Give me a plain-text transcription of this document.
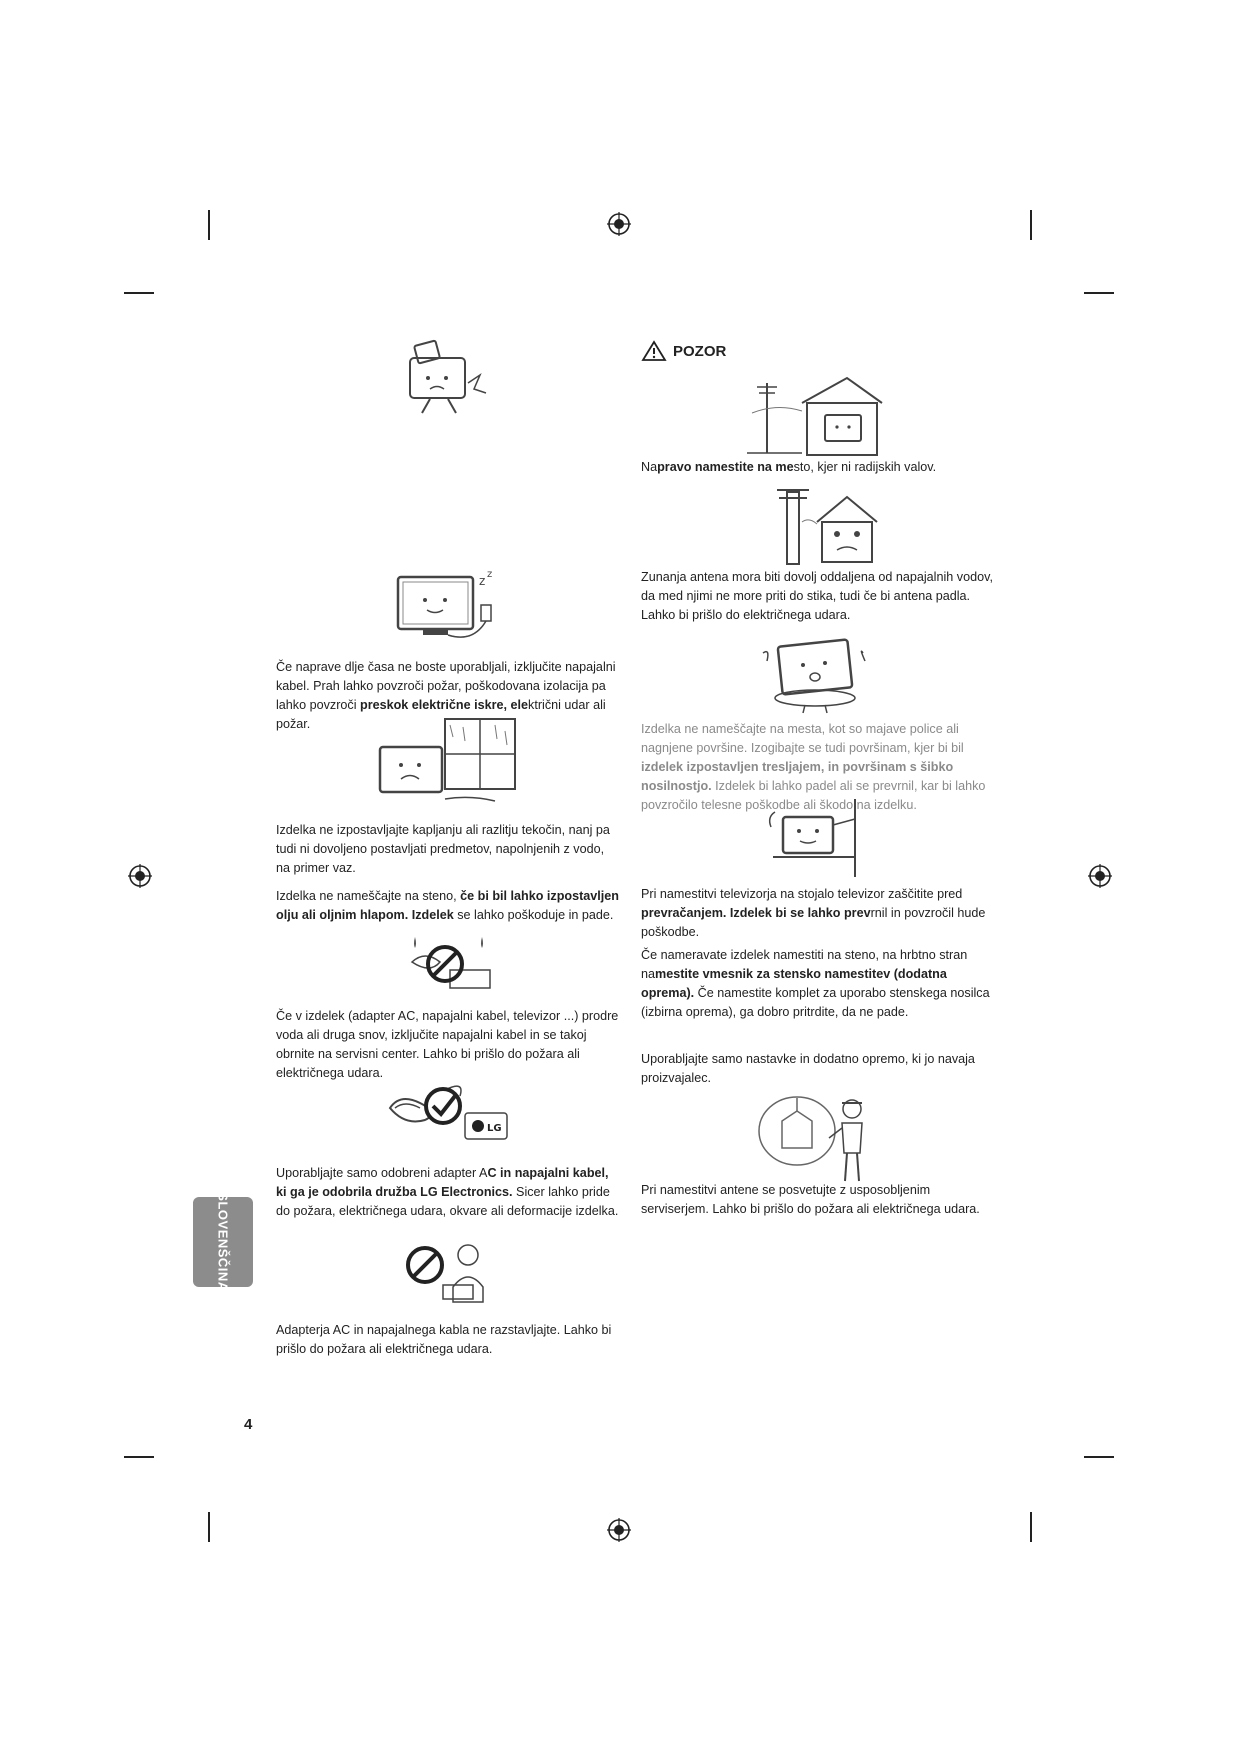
SLOVENŠČINA
4
z z
LG

Če naprave dlje časa ne boste uporabljali, izključite napajalni kabel. Prah lahko povzroči požar, poškodovana izolacija pa lahko povzroči preskok električne iskre, električni udar ali požar.

Izdelka ne izpostavljajte kapljanju ali razlitju tekočin, nanj pa tudi ni dovoljeno postavljati predmetov, napolnjenih z vodo, na primer vaz.

Izdelka ne nameščajte na steno, če bi bil lahko izpostavljen olju ali oljnim hlapom. Izdelek se lahko poškoduje in pade.

Če v izdelek (adapter AC, napajalni kabel, televizor ...) prodre voda ali druga snov, izključite napajalni kabel in se takoj obrnite na servisni center. Lahko bi prišlo do požara ali električnega udara.

Uporabljajte samo odobreni adapter AC in napajalni kabel, ki ga je odobrila družba LG Electronics. Sicer lahko pride do požara, električnega udara, okvare ali deformacije izdelka.

Adapterja AC in napajalnega kabla ne razstavljajte. Lahko bi prišlo do požara ali električnega udara.

POZOR

Napravo namestite na mesto, kjer ni radijskih valov.

Zunanja antena mora biti dovolj oddaljena od napajalnih vodov, da med njimi ne more priti do stika, tudi če bi antena padla. Lahko bi prišlo do električnega udara.

Izdelka ne nameščajte na mesta, kot so majave police ali nagnjene površine. Izogibajte se tudi površinam, kjer bi bil izdelek izpostavljen tresljajem, in površinam s šibko nosilnostjo. Izdelek bi lahko padel ali se prevrnil, kar bi lahko povzročilo telesne poškodbe ali škodo na izdelku.

Pri namestitvi televizorja na stojalo televizor zaščitite pred prevračanjem. Izdelek bi se lahko prevrnil in povzročil hude poškodbe.

Če nameravate izdelek namestiti na steno, na hrbtno stran namestite vmesnik za stensko namestitev (dodatna oprema). Če namestite komplet za uporabo stenskega nosilca (izbirna oprema), ga dobro pritrdite, da ne pade.

Uporabljajte samo nastavke in dodatno opremo, ki jo navaja proizvajalec.

Pri namestitvi antene se posvetujte z usposobljenim serviserjem. Lahko bi prišlo do požara ali električnega udara.
